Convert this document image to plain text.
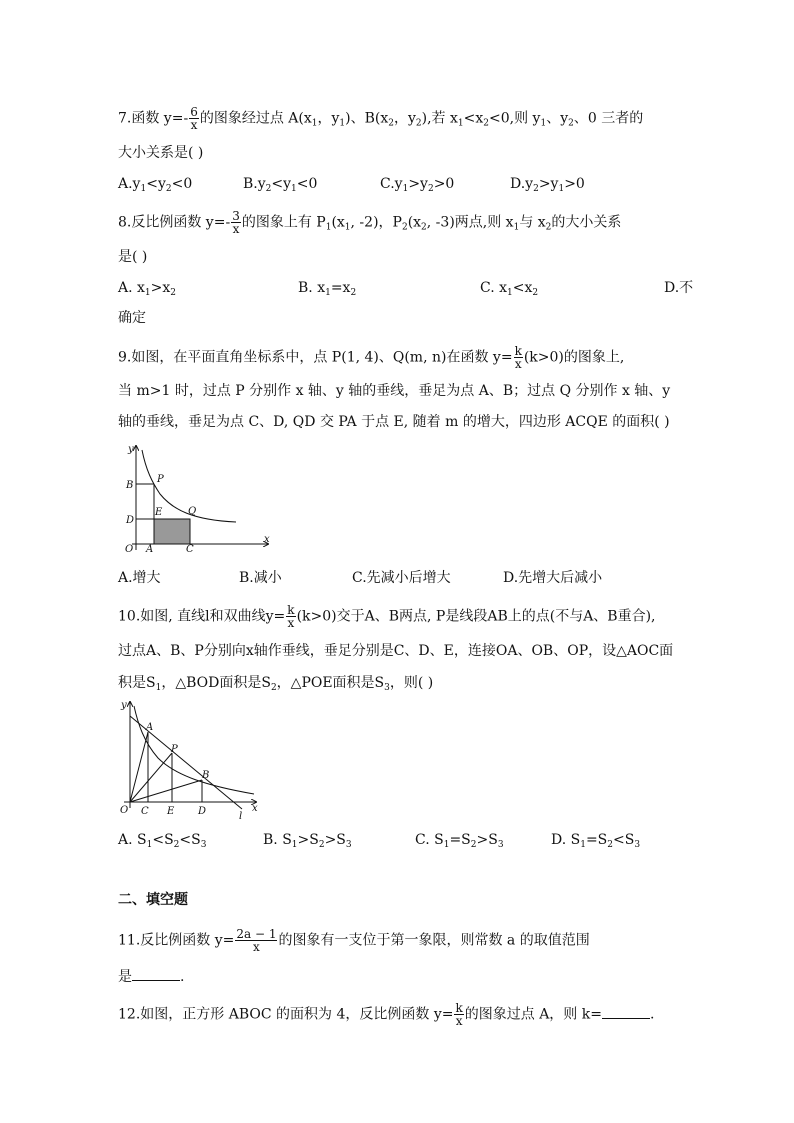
7.函数 $y=- \frac{6}{x}$ 的图象经过点 $A(x_1$，$y_1$)、$B(x_2$，$y_2$),若 $x_1<x_2<0$,则 $y_1$、$y_2$、0 三者的
大小关系是( )
$A.y_1<y_2<0$	$B.y_2<y_1<0$	$C.y_1>y_2>0$	$D.y_2>y_1>0$
8.反比例函数 $y=- \frac{3}{x}$ 的图象上有 $P_1(x_1$, -2)，$P_2(x_2$, -3)两点,则 $x_1$与 $x_2$的大小关系
是( )
A. $x_1>x_2$	B. $x_1=x_2$	C. $x_1<x_2$	D.不
确定
9.如图，在平面直角坐标系中，点 P(1, 4)、Q(m, n)在函数 $y= \frac{k}{x} (k>0)$的图象上,
当 m>1 时，过点 P 分别作 x 轴、y 轴的垂线，垂足为点 A、B；过点 Q 分别作 x 轴、y
轴的垂线，垂足为点 C、D, QD 交 PA 于点 E, 随着 m 的增大，四边形 ACQE 的面积( )
y
x
B
P
D
E	Q
O A	C
A.增大	B.减小	C.先减小后增大	D.先增大后减小
10.如图, 直线l和双曲线$y= \frac{k}{x} (k>0)$交于A、B两点, P是线段AB上的点(不与A、B重合),
过点A、B、P分别向x轴作垂线，垂足分别是C、D、E，连接OA、OB、OP，设△AOC面
积是$S_1$，△BOD面积是$S_2$，△POE面积是$S_3$，则( )
y
x
A
P
B
O C E D	l
A. $S_1<S_2<S_3$	B. $S_1>S_2>S_3$	C. $S_1=S_2>S_3$	D. $S_1=S_2<S_3$
二、填空题
11.反比例函数 $y= \frac{2a - 1}{x}$ 的图象有一支位于第一象限，则常数 a 的取值范围
是	.
12.如图，正方形 ABOC 的面积为 4，反比例函数 $y= \frac{k}{x}$ 的图象过点 A，则 k=	.
